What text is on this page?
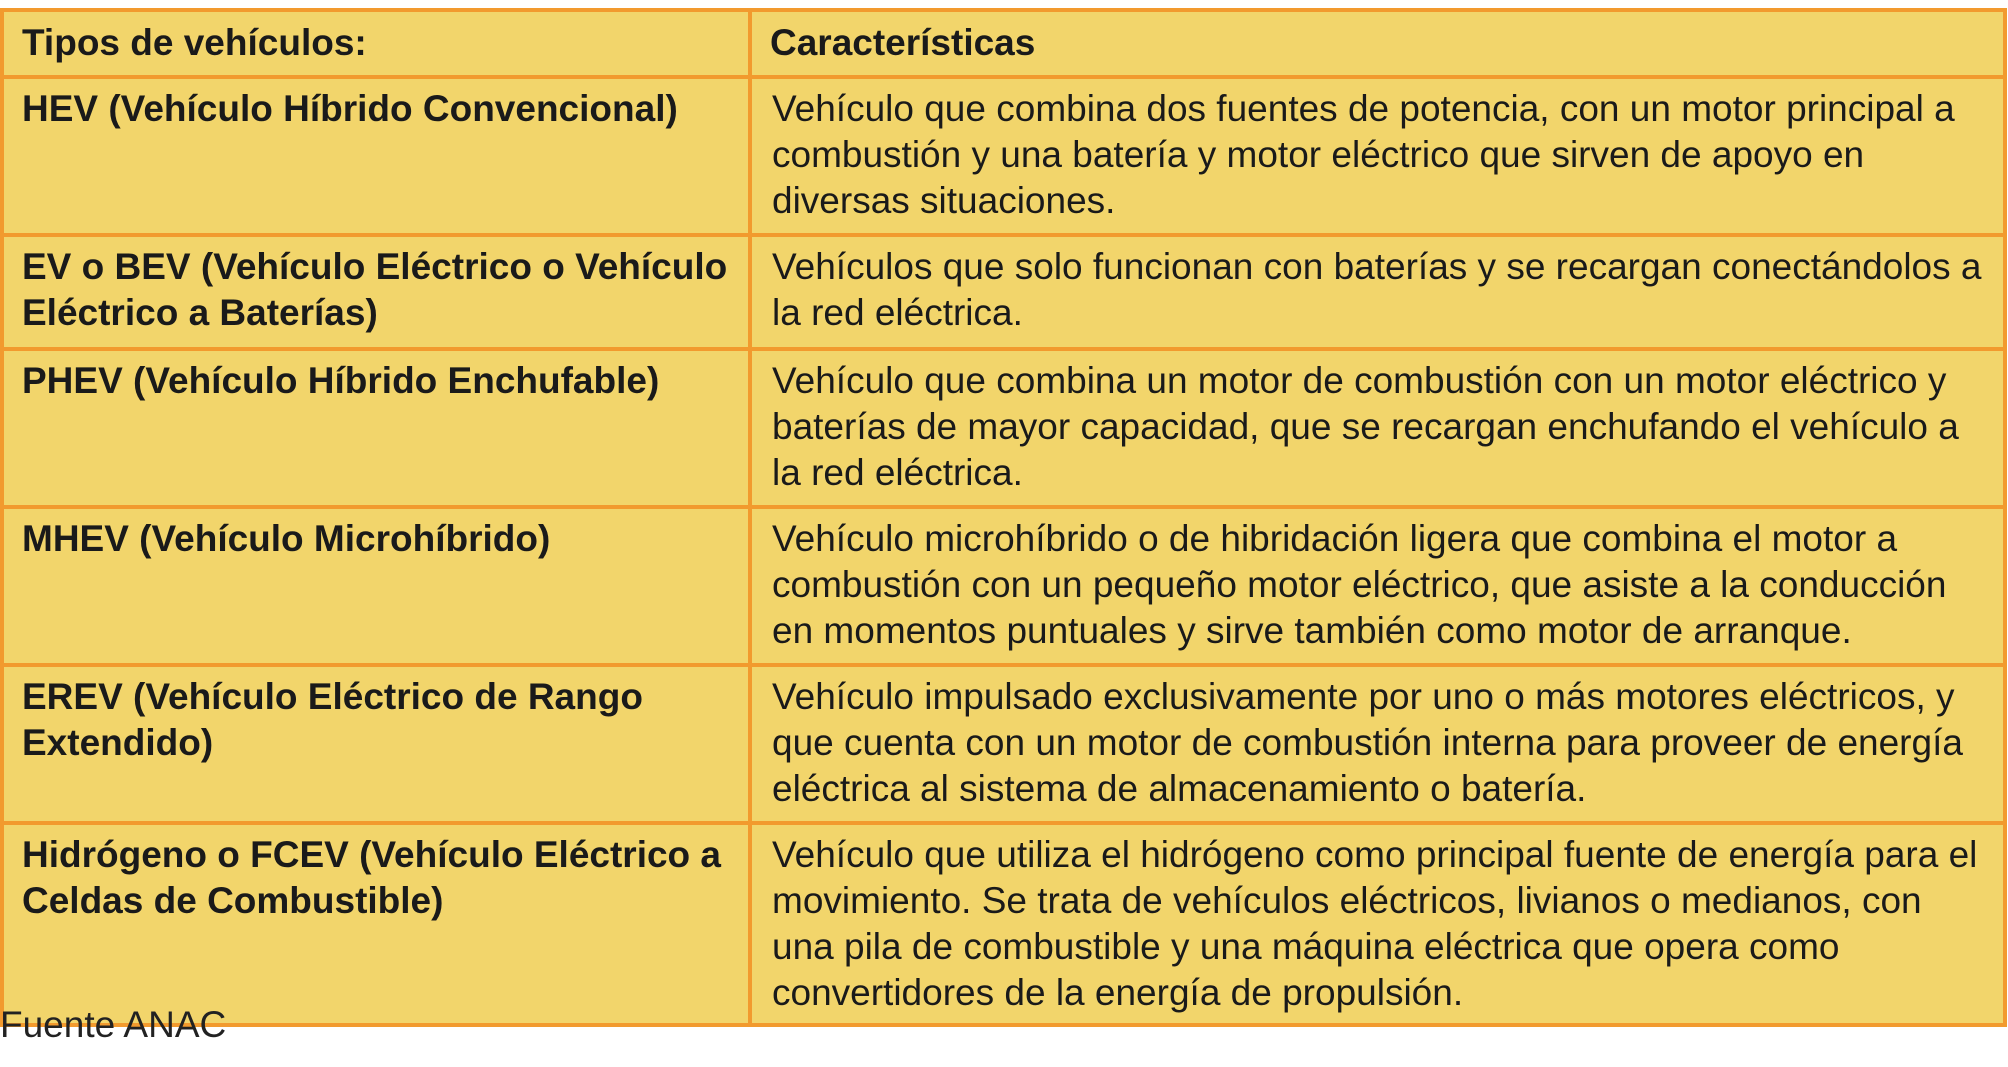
Tipos de vehículos:	Características
HEV (Vehículo Híbrido Convencional)	Vehículo que combina dos fuentes de potencia, con un motor principal a combustión y una batería y motor eléctrico que sirven de apoyo en diversas situaciones.
EV o BEV (Vehículo Eléctrico o Vehículo Eléctrico a Baterías)	Vehículos que solo funcionan con baterías y se recargan conectándolos a la red eléctrica.
PHEV (Vehículo Híbrido Enchufable)	Vehículo que combina un motor de combustión con un motor eléctrico y baterías de mayor capacidad, que se recargan enchufando el vehículo a la red eléctrica.
MHEV (Vehículo Microhíbrido)	Vehículo microhíbrido o de hibridación ligera que combina el motor a combustión con un pequeño motor eléctrico, que asiste a la conducción en momentos puntuales y sirve también como motor de arranque.
EREV (Vehículo Eléctrico de Rango Extendido)	Vehículo impulsado exclusivamente por uno o más motores eléctricos, y que cuenta con un motor de combustión interna para proveer de energía eléctrica al sistema de almacenamiento o batería.
Hidrógeno o FCEV (Vehículo Eléctrico a Celdas de Combustible)	Vehículo que utiliza el hidrógeno como principal fuente de energía para el movimiento. Se trata de vehículos eléctricos, livianos o medianos, con una pila de combustible y una máquina eléctrica que opera como convertidores de la energía de propulsión.
Fuente ANAC
